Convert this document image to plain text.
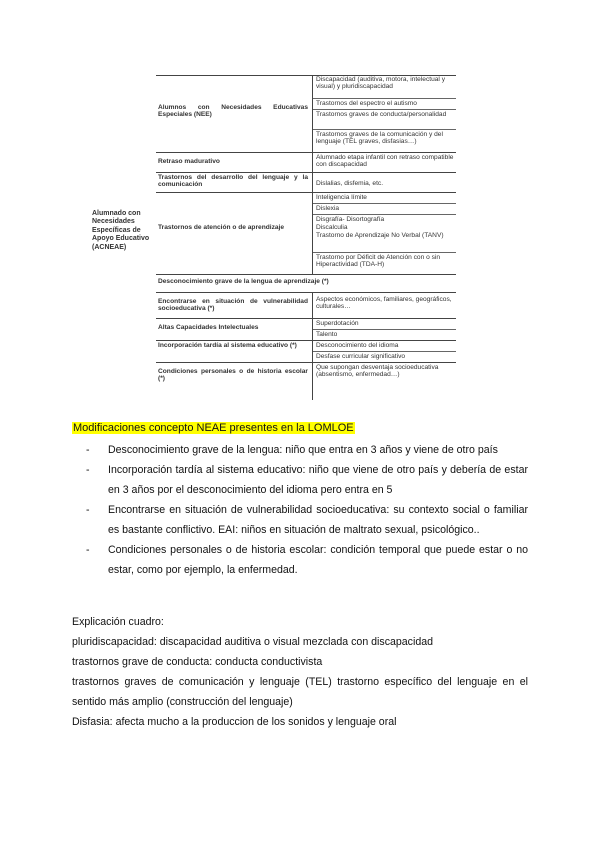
Alumnado con Necesidades Específicas de Apoyo Educativo (ACNEAE)
Alumnos con Necesidades Educativas Especiales (NEE)
Discapacidad (auditiva, motora, intelectual y visual) y pluridiscapacidad
Trastornos del espectro el autismo
Trastornos graves de conducta/personalidad
Trastornos graves de la comunicación y del lenguaje (TEL graves, disfasias…)
Retraso madurativo
Alumnado etapa infantil con retraso compatible con discapacidad
Trastornos del desarrollo del lenguaje y la comunicación	Dislalias, disfemia, etc.
Trastornos de atención o de aprendizaje
Inteligencia límite
Dislexia
Disgrafía- Disortografía
Discalculia
Trastorno de Aprendizaje No Verbal (TANV)
Trastorno por Déficit de Atención con o sin Hiperactividad (TDA-H)
Desconocimiento grave de la lengua de aprendizaje (*)
Encontrarse en situación de vulnerabilidad socioeducativa (*)
Aspectos económicos, familiares, geográficos, culturales…
Altas Capacidades Intelectuales
Superdotación
Talento
Incorporación tardía al sistema educativo (*)	Desconocimiento del idioma
Desfase curricular significativo
Condiciones personales o de historia escolar (*)
Que supongan desventaja socioeducativa (absentismo, enfermedad…)
Modificaciones concepto NEAE presentes en la LOMLOE
- Desconocimiento grave de la lengua: niño que entra en 3 años y viene de otro país
- Incorporación tardía al sistema educativo: niño que viene de otro país y debería de estar en 3 años por el desconocimiento del idioma pero entra en 5
- Encontrarse en situación de vulnerabilidad socioeducativa: su contexto social o familiar es bastante conflictivo. EAI: niños en situación de maltrato sexual, psicológico..
- Condiciones personales o de historia escolar: condición temporal que puede estar o no estar, como por ejemplo, la enfermedad.

Explicación cuadro:

pluridiscapacidad: discapacidad auditiva o visual mezclada con discapacidad

trastornos grave de conducta: conducta conductivista

trastornos graves de comunicación y lenguaje (TEL) trastorno específico del lenguaje en el sentido más amplio (construcción del lenguaje)

Disfasia: afecta mucho a la produccion de los sonidos y lenguaje oral
